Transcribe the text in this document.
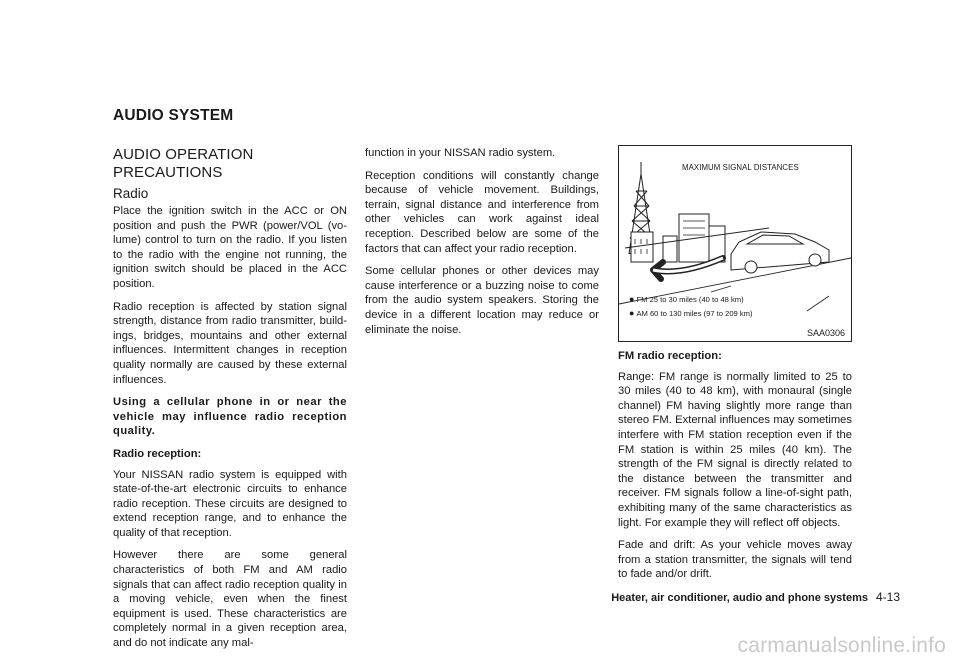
AUDIO SYSTEM
AUDIO OPERATION PRECAUTIONS
Radio

Place the ignition switch in the ACC or ON position and push the PWR (power/VOL (vo- lume) control to turn on the radio. If you listen to the radio with the engine not running, the ignition switch should be placed in the ACC position.

Radio reception is affected by station signal strength, distance from radio transmitter, build- ings, bridges, mountains and other external influences. Intermittent changes in reception quality normally are caused by these external influences.

Using a cellular phone in or near the vehicle may influence radio reception quality.

Radio reception:

Your NISSAN radio system is equipped with state-of-the-art electronic circuits to enhance radio reception. These circuits are designed to extend reception range, and to enhance the quality of that reception.

However there are some general characteristics of both FM and AM radio signals that can affect radio reception quality in a moving vehicle, even when the finest equipment is used. These characteristics are completely normal in a given reception area, and do not indicate any mal-

function in your NISSAN radio system.

Reception conditions will constantly change because of vehicle movement. Buildings, terrain, signal distance and interference from other vehicles can work against ideal reception. Described below are some of the factors that can affect your radio reception.

Some cellular phones or other devices may cause interference or a buzzing noise to come from the audio system speakers. Storing the device in a different location may reduce or eliminate the noise.

MAXIMUM SIGNAL DISTANCES
● FM 25 to 30 miles (40 to 48 km)
● AM 60 to 130 miles (97 to 209 km)
SAA0306

FM radio reception:

Range: FM range is normally limited to 25 to 30 miles (40 to 48 km), with monaural (single channel) FM having slightly more range than stereo FM. External influences may sometimes interfere with FM station reception even if the FM station is within 25 miles (40 km). The strength of the FM signal is directly related to the distance between the transmitter and receiver. FM signals follow a line-of-sight path, exhibiting many of the same characteristics as light. For example they will reflect off objects.

Fade and drift: As your vehicle moves away from a station transmitter, the signals will tend to fade and/or drift.

Heater, air conditioner, audio and phone systems 4-13
carmanualsonline.info
